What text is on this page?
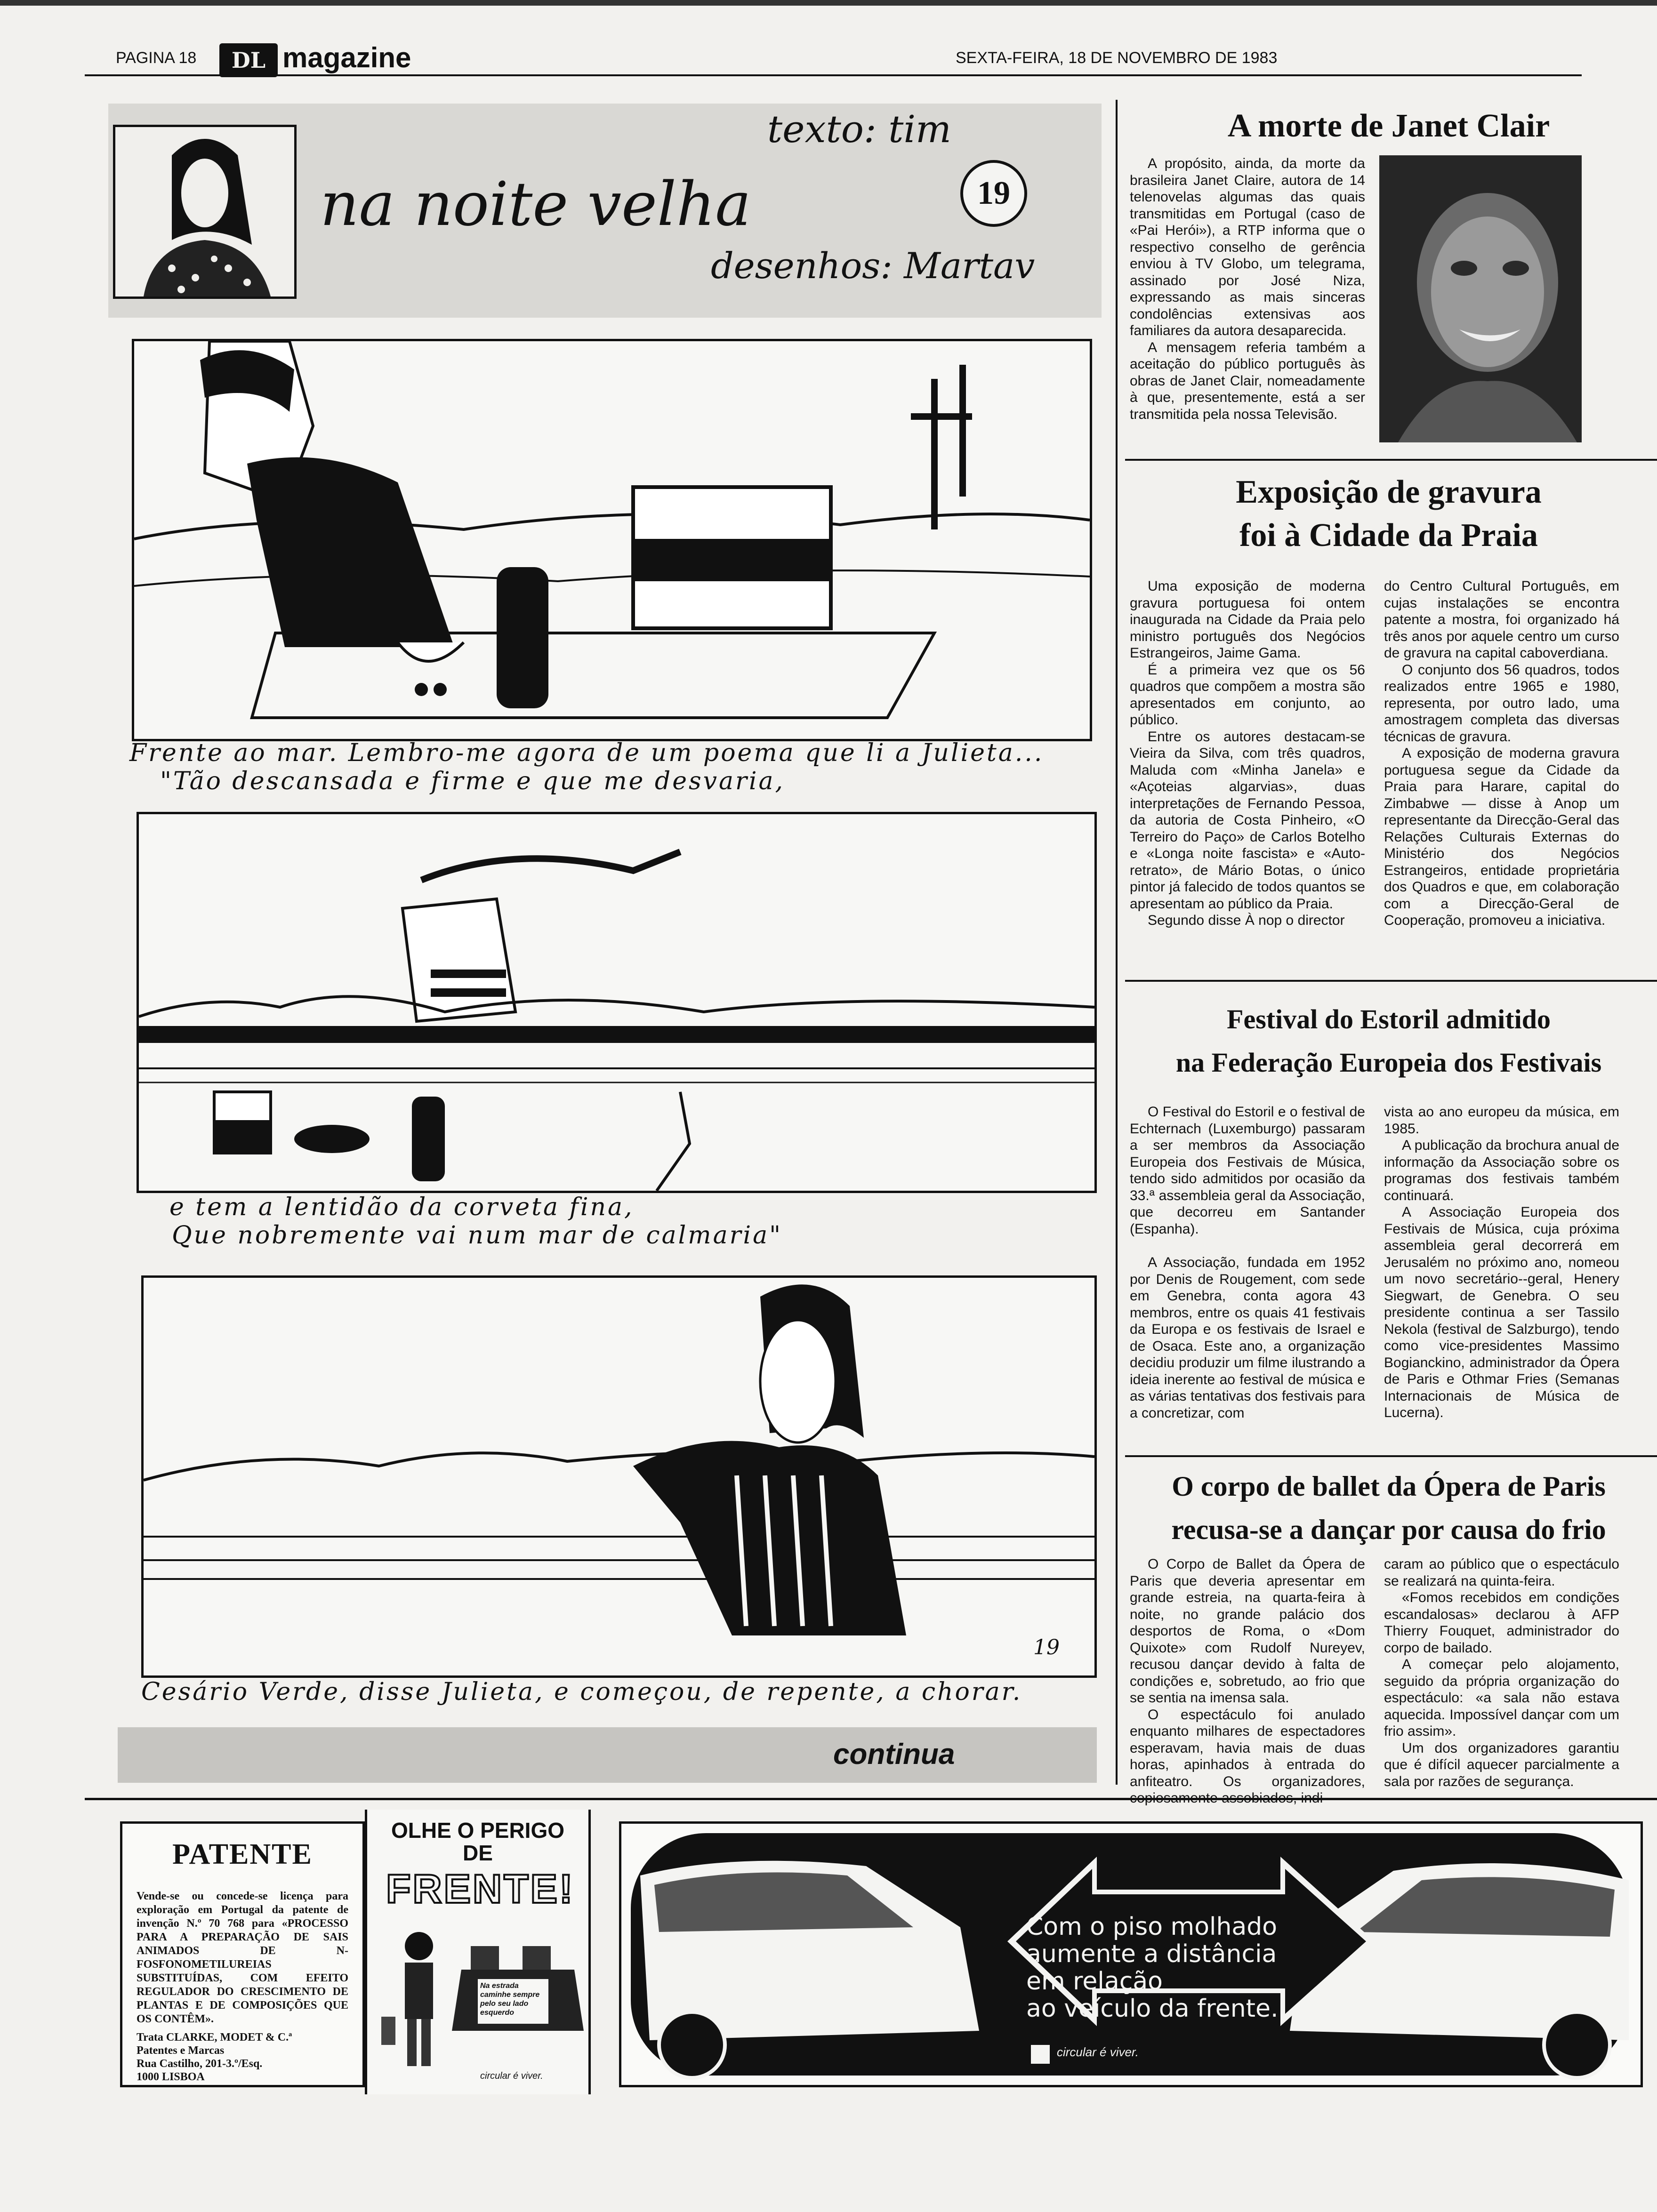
PAGINA 18	DL magazine	SEXTA-FEIRA, 18 DE NOVEMBRO DE 1983
texto: tim
na noite velha	19
desenhos: Martav
Frente ao mar. Lembro-me agora de um poema que li a Julieta...
"Tão descansada e firme e que me desvaria,
e tem a lentidão da corveta fina,
Que nobremente vai num mar de calmaria"
19
Cesário Verde, disse Julieta, e começou, de repente, a chorar.
continua
A morte de Janet Clair

A propósito, ainda, da morte da brasileira Janet Claire, autora de 14 telenovelas algumas das quais transmitidas em Portugal (caso de «Pai Herói»), a RTP informa que o respectivo conselho de gerência enviou à TV Globo, um telegrama, assinado por José Niza, expressando as mais sinceras condolências extensivas aos familiares da autora desaparecida.

A mensagem referia também a aceitação do público português às obras de Janet Clair, nomeadamente à que, presentemente, está a ser transmitida pela nossa Televisão.

Exposição de gravura
foi à Cidade da Praia

Uma exposição de moderna gravura portuguesa foi ontem inaugurada na Cidade da Praia pelo ministro português dos Negócios Estrangeiros, Jaime Gama.

É a primeira vez que os 56 quadros que compõem a mostra são apresentados em conjunto, ao público.

Entre os autores destacam-se Vieira da Silva, com três quadros, Maluda com «Minha Janela» e «Açoteias algarvias», duas interpretações de Fernando Pessoa, da autoria de Costa Pinheiro, «O Terreiro do Paço» de Carlos Botelho e «Longa noite fascista» e «Auto-retrato», de Mário Botas, o único pintor já falecido de todos quantos se apresentam ao público da Praia.

Segundo disse À nop o director

do Centro Cultural Português, em cujas instalações se encontra patente a mostra, foi organizado há três anos por aquele centro um curso de gravura na capital caboverdiana.

O conjunto dos 56 quadros, todos realizados entre 1965 e 1980, representa, por outro lado, uma amostragem completa das diversas técnicas de gravura.

A exposição de moderna gravura portuguesa segue da Cidade da Praia para Harare, capital do Zimbabwe — disse à Anop um representante da Direcção-Geral das Relações Culturais Externas do Ministério dos Negócios Estrangeiros, entidade proprietária dos Quadros e que, em colaboração com a Direcção-Geral de Cooperação, promoveu a iniciativa.

Festival do Estoril admitido
na Federação Europeia dos Festivais

O Festival do Estoril e o festival de Echternach (Luxemburgo) passaram a ser membros da Associação Europeia dos Festivais de Música, tendo sido admitidos por ocasião da 33.ª assembleia geral da Associação, que decorreu em Santander (Espanha).

A Associação, fundada em 1952 por Denis de Rougement, com sede em Genebra, conta agora 43 membros, entre os quais 41 festivais da Europa e os festivais de Israel e de Osaca. Este ano, a organização decidiu produzir um filme ilustrando a ideia inerente ao festival de música e as várias tentativas dos festivais para a concretizar, com

vista ao ano europeu da música, em 1985.

A publicação da brochura anual de informação da Associação sobre os programas dos festivais também continuará.

A Associação Europeia dos Festivais de Música, cuja próxima assembleia geral decorrerá em Jerusalém no próximo ano, nomeou um novo secretário--geral, Henery Siegwart, de Genebra. O seu presidente continua a ser Tassilo Nekola (festival de Salzburgo), tendo como vice-presidentes Massimo Bogianckino, administrador da Ópera de Paris e Othmar Fries (Semanas Internacionais de Música de Lucerna).

O corpo de ballet da Ópera de Paris
recusa-se a dançar por causa do frio

O Corpo de Ballet da Ópera de Paris que deveria apresentar em grande estreia, na quarta-feira à noite, no grande palácio dos desportos de Roma, o «Dom Quixote» com Rudolf Nureyev, recusou dançar devido à falta de condições e, sobretudo, ao frio que se sentia na imensa sala.

O espectáculo foi anulado enquanto milhares de espectadores esperavam, havia mais de duas horas, apinhados à entrada do anfiteatro. Os organizadores,

caram ao público que o espectáculo se realizará na quinta-feira.

«Fomos recebidos em condições escandalosas» declarou à AFP Thierry Fouquet, administrador do corpo de bailado.

A começar pelo alojamento, seguido da própria organização do espectáculo: «a sala não estava aquecida. Impossível dançar com um frio assim».

Um dos organizadores garantiu que é difícil aquecer parcialmente a sala por razões de segurança.

PATENTE
Vende-se ou concede-se licença para exploração em Portugal da patente de invenção N.º 70 768 para «PROCESSO PARA A PREPARAÇÃO DE SAIS ANIMADOS DE N-FOSFONOMETILUREIAS SUBSTITUÍDAS, COM EFEITO REGULADOR DO CRESCIMENTO DE PLANTAS E DE COMPOSIÇÕES QUE OS CONTÊM».
Trata CLARKE, MODET & C.ª
Patentes e Marcas
Rua Castilho, 201-3.º/Esq.
1000 LISBOA
OLHE O PERIGO
DE
FRENTE!
Na estrada caminhe sempre pelo seu lado esquerdo
circular é viver.
Com o piso molhado
aumente a distância
em relação
ao veículo da frente.
circular é viver.
